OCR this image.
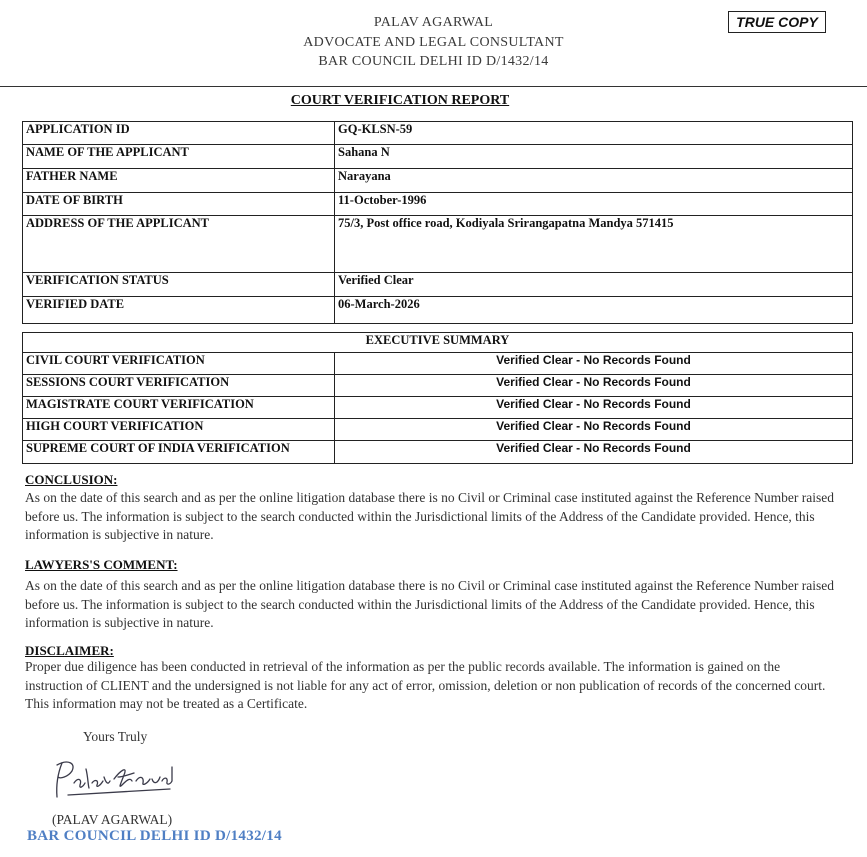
PALAV AGARWAL
ADVOCATE AND LEGAL CONSULTANT
BAR COUNCIL DELHI ID D/1432/14
TRUE COPY
COURT VERIFICATION REPORT
APPLICATION ID	GQ-KLSN-59
NAME OF THE APPLICANT	Sahana N
FATHER NAME	Narayana
DATE OF BIRTH	11-October-1996
ADDRESS OF THE APPLICANT	75/3, Post office road, Kodiyala Srirangapatna Mandya 571415
VERIFICATION STATUS	Verified Clear
VERIFIED DATE	06-March-2026
EXECUTIVE SUMMARY	
CIVIL COURT VERIFICATION	Verified Clear - No Records Found
SESSIONS COURT VERIFICATION	Verified Clear - No Records Found
MAGISTRATE COURT VERIFICATION	Verified Clear - No Records Found
HIGH COURT VERIFICATION	Verified Clear - No Records Found
SUPREME COURT OF INDIA VERIFICATION	Verified Clear - No Records Found
CONCLUSION:
As on the date of this search and as per the online litigation database there is no Civil or Criminal case instituted against the Reference Number raised before us. The information is subject to the search conducted within the Jurisdictional limits of the Address of the Candidate provided. Hence, this information is subjective in nature.
LAWYERS'S COMMENT:
As on the date of this search and as per the online litigation database there is no Civil or Criminal case instituted against the Reference Number raised before us. The information is subject to the search conducted within the Jurisdictional limits of the Address of the Candidate provided. Hence, this information is subjective in nature.
DISCLAIMER:
Proper due diligence has been conducted in retrieval of the information as per the public records available. The information is gained on the instruction of CLIENT and the undersigned is not liable for any act of error, omission, deletion or non publication of records of the concerned court. This information may not be treated as a Certificate.
Yours Truly
(PALAV AGARWAL)
BAR COUNCIL DELHI ID D/1432/14
